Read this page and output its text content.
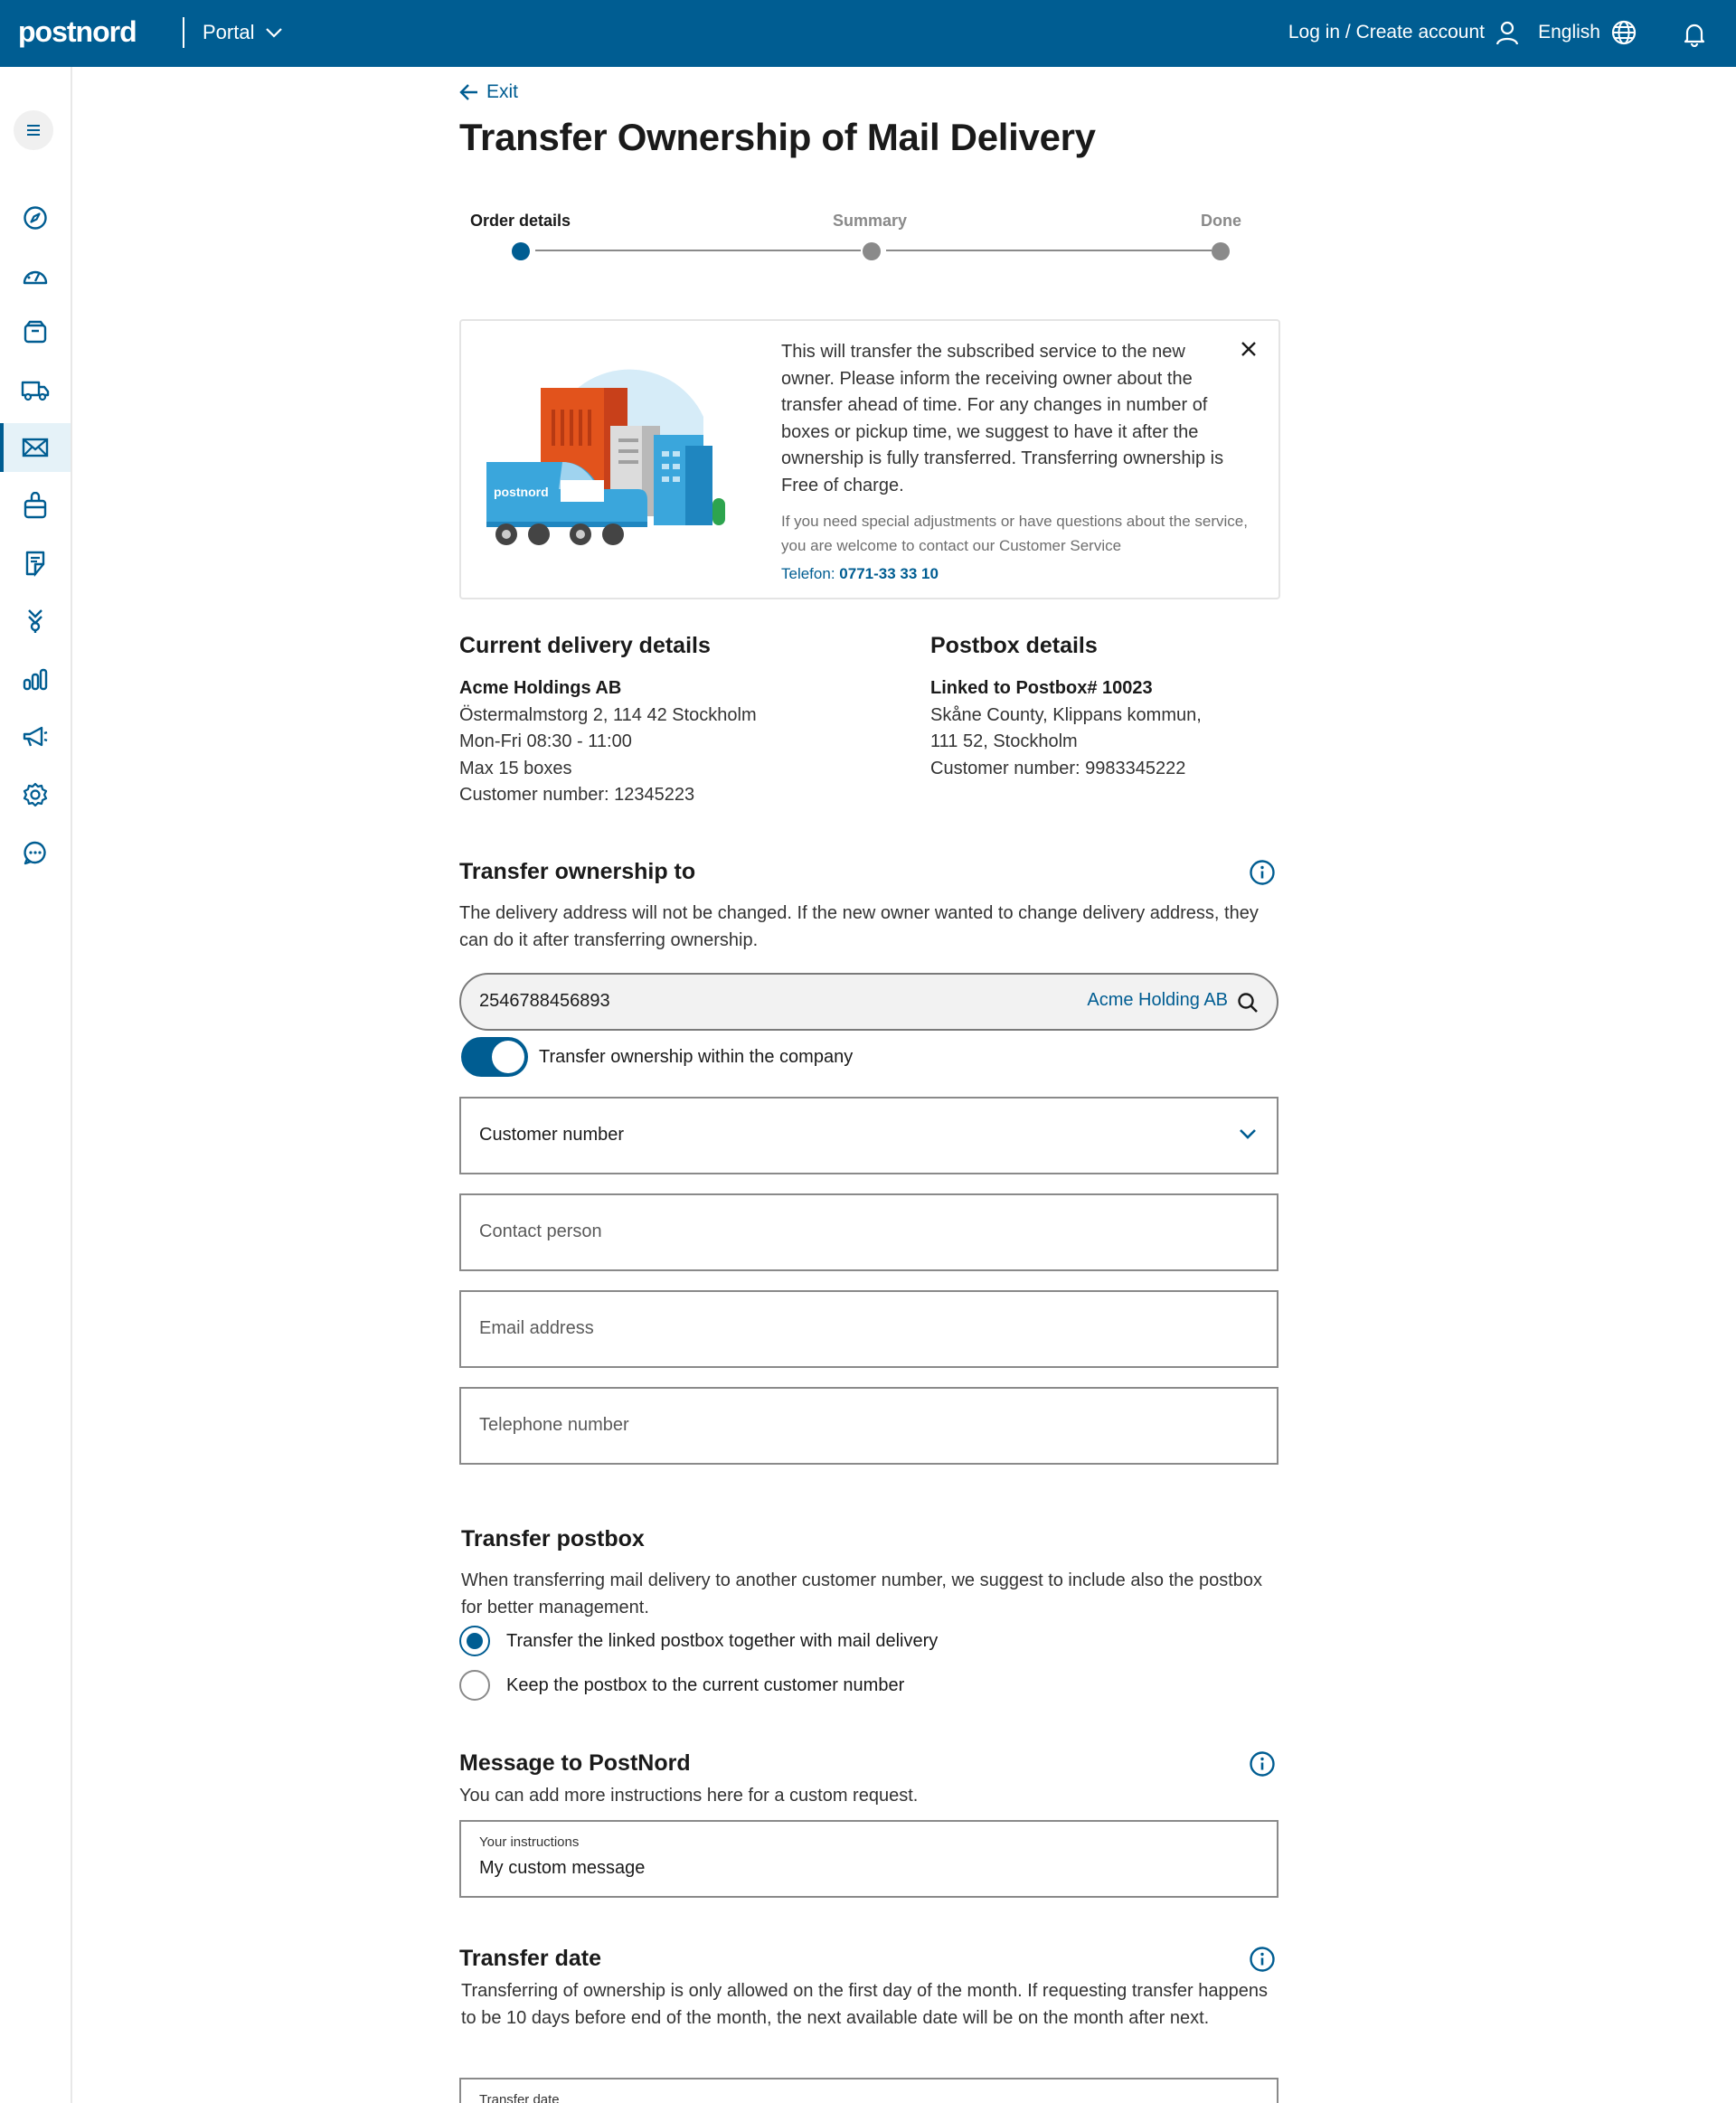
postnord	Portal	Log in / Create account	English
Exit
Transfer Ownership of Mail Delivery
Order details	Summary	Done
postnord

This will transfer the subscribed service to the new owner. Please inform the receiving owner about the transfer ahead of time. For any changes in number of boxes or pickup time, we suggest to have it after the ownership is fully transferred. Transferring ownership is Free of charge.

If you need special adjustments or have questions about the service, you are welcome to contact our Customer Service

Telefon: 0771-33 33 10
Current delivery details
Acme Holdings AB
Östermalmstorg 2, 114 42 Stockholm
Mon-Fri 08:30 - 11:00
Max 15 boxes
Customer number: 12345223
Postbox details
Linked to Postbox# 10023
Skåne County, Klippans kommun,
111 52, Stockholm
Customer number: 9983345222
Transfer ownership to

The delivery address will not be changed. If the new owner wanted to change delivery address, they can do it after transferring ownership.

2546788456893	Acme Holding AB
Transfer ownership within the company
Customer number
Contact person
Email address
Telephone number
Transfer postbox

When transferring mail delivery to another customer number, we suggest to include also the postbox for better management.

Transfer the linked postbox together with mail delivery
Keep the postbox to the current customer number
Message to PostNord

You can add more instructions here for a custom request.

Your instructions
My custom message
Transfer date

Transferring of ownership is only allowed on the first day of the month. If requesting transfer happens to be 10 days before end of the month, the next available date will be on the month after next.

Transfer date
